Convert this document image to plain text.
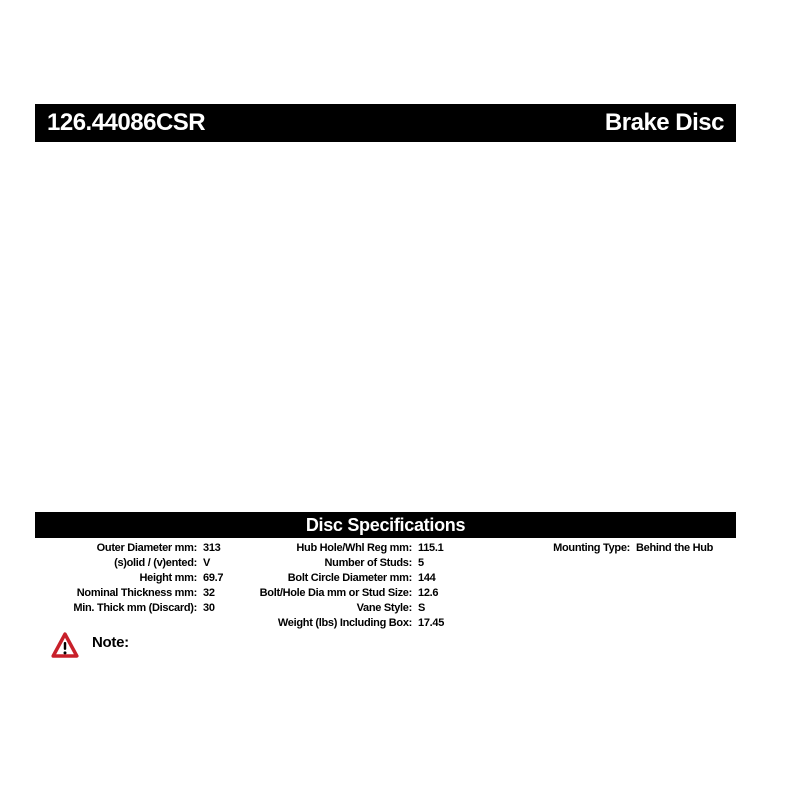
126.44086CSR	Brake Disc
Disc Specifications
Outer Diameter mm: 313
(s)olid / (v)ented: V
Height mm: 69.7
Nominal Thickness mm: 32
Min. Thick mm (Discard): 30
Hub Hole/Whl Reg mm: 115.1
Number of Studs: 5
Bolt Circle Diameter mm: 144
Bolt/Hole Dia mm or Stud Size: 12.6
Vane Style: S
Weight (lbs) Including Box: 17.45
Mounting Type: Behind the Hub
Note:
